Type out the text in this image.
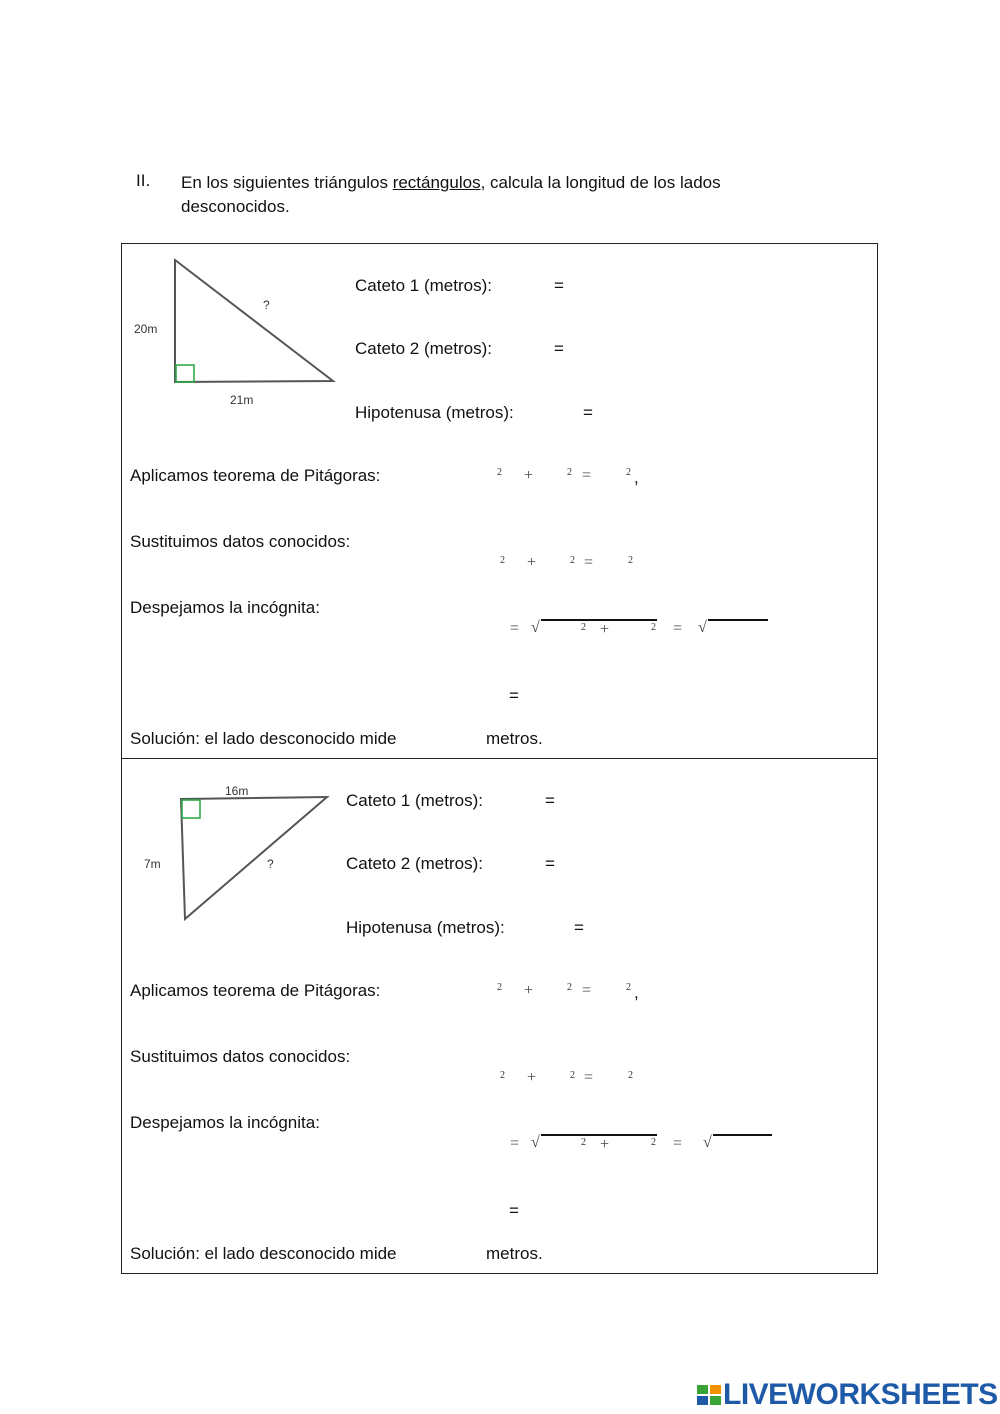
II. En los siguientes triángulos rectángulos, calcula la longitud de los lados desconocidos.
20m
21m
?
Cateto 1 (metros):	=
Cateto 2 (metros):	=
Hipotenusa (metros):	=
Aplicamos teorema de Pitágoras:	2 +	2 =	2 ,
Sustituimos datos conocidos:
2 +	2 =	2
Despejamos la incógnita:
= √	2 +	2 = √
=
Solución: el lado desconocido mide	metros.
16m
7m	?
Cateto 1 (metros):	=
Cateto 2 (metros):	=
Hipotenusa (metros):	=
Aplicamos teorema de Pitágoras:	2 +	2 =	2 ,
Sustituimos datos conocidos:
2 +	2 =	2
Despejamos la incógnita:
= √	2 +	2 = √
=
Solución: el lado desconocido mide	metros.
LIVEWORKSHEETS
